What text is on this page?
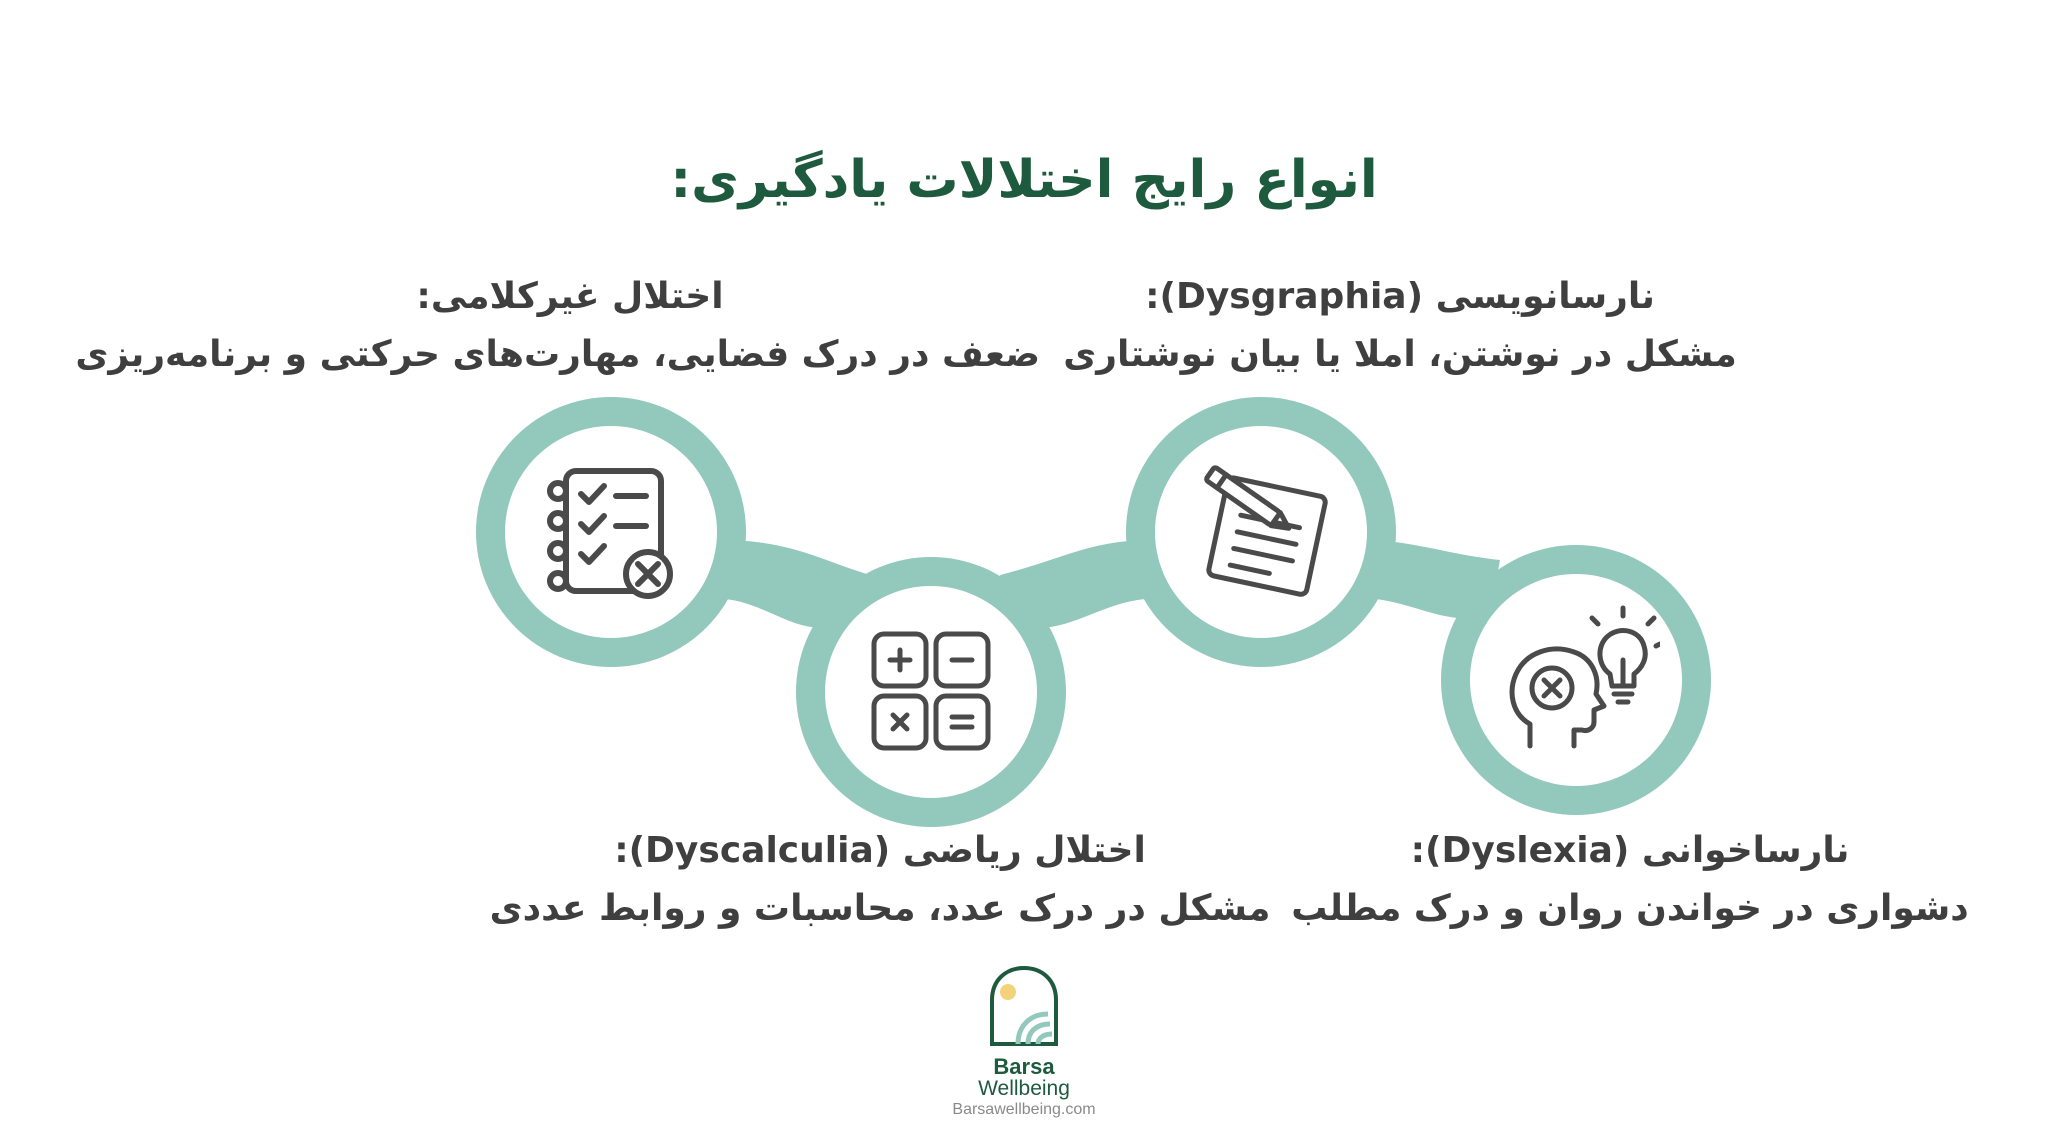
انواع رایج اختلالات یادگیری:
نارسانویسی (Dysgraphia):
مشکل در نوشتن، املا یا بیان نوشتاری
اختلال غیرکلامی:
ضعف در درک فضایی، مهارت‌های حرکتی و برنامه‌ریزی
اختلال ریاضی (Dyscalculia):
مشکل در درک عدد، محاسبات و روابط عددی
نارساخوانی (Dyslexia):
دشواری در خواندن روان و درک مطلب
Barsa
Wellbeing
Barsawellbeing.com
